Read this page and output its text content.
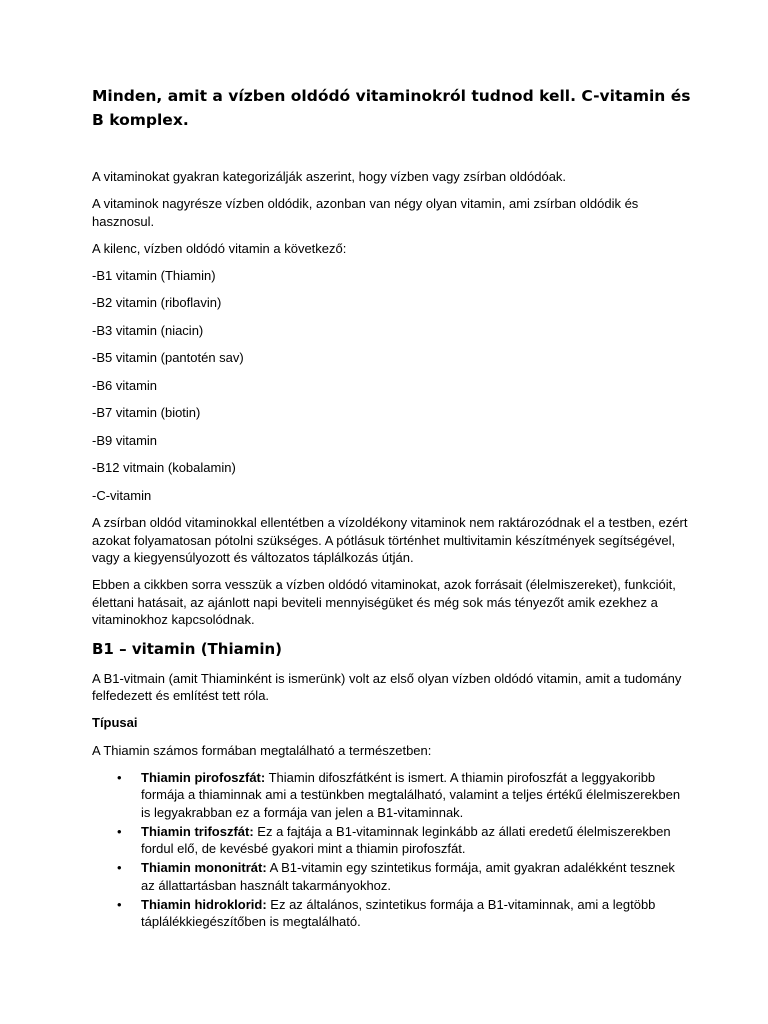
Minden, amit a vízben oldódó vitaminokról tudnod kell. C-vitamin és B komplex.

A vitaminokat gyakran kategorizálják aszerint, hogy vízben vagy zsírban oldódóak.

A vitaminok nagyrésze vízben oldódik, azonban van négy olyan vitamin, ami zsírban oldódik és hasznosul.

A kilenc, vízben oldódó vitamin a következő:

-B1 vitamin (Thiamin)

-B2 vitamin (riboflavin)

-B3 vitamin (niacin)

-B5 vitamin (pantotén sav)

-B6 vitamin

-B7 vitamin (biotin)

-B9 vitamin

-B12 vitmain (kobalamin)

-C-vitamin

A zsírban oldód vitaminokkal ellentétben a vízoldékony vitaminok nem raktározódnak el a testben, ezért azokat folyamatosan pótolni szükséges. A pótlásuk történhet multivitamin készítmények segítségével, vagy a kiegyensúlyozott és változatos táplálkozás útján.

Ebben a cikkben sorra vesszük a vízben oldódó vitaminokat, azok forrásait (élelmiszereket), funkcióit, élettani hatásait, az ajánlott napi beviteli mennyiségüket és még sok más tényezőt amik ezekhez a vitaminokhoz kapcsolódnak.

B1 – vitamin (Thiamin)

A B1-vitmain (amit Thiaminként is ismerünk) volt az első olyan vízben oldódó vitamin, amit a tudomány felfedezett és említést tett róla.

Típusai

A Thiamin számos formában megtalálható a természetben:

• Thiamin pirofoszfát: Thiamin difoszfátként is ismert. A thiamin pirofoszfát a leggyakoribb formája a thiaminnak ami a testünkben megtalálható, valamint a teljes értékű élelmiszerekben is legyakrabban ez a formája van jelen a B1-vitaminnak.
• Thiamin trifoszfát: Ez a fajtája a B1-vitaminnak leginkább az állati eredetű élelmiszerekben fordul elő, de kevésbé gyakori mint a thiamin pirofoszfát.
• Thiamin mononitrát: A B1-vitamin egy szintetikus formája, amit gyakran adalékként tesznek az állattartásban használt takarmányokhoz.
• Thiamin hidroklorid: Ez az általános, szintetikus formája a B1-vitaminnak, ami a legtöbb táplálékkiegészítőben is megtalálható.
